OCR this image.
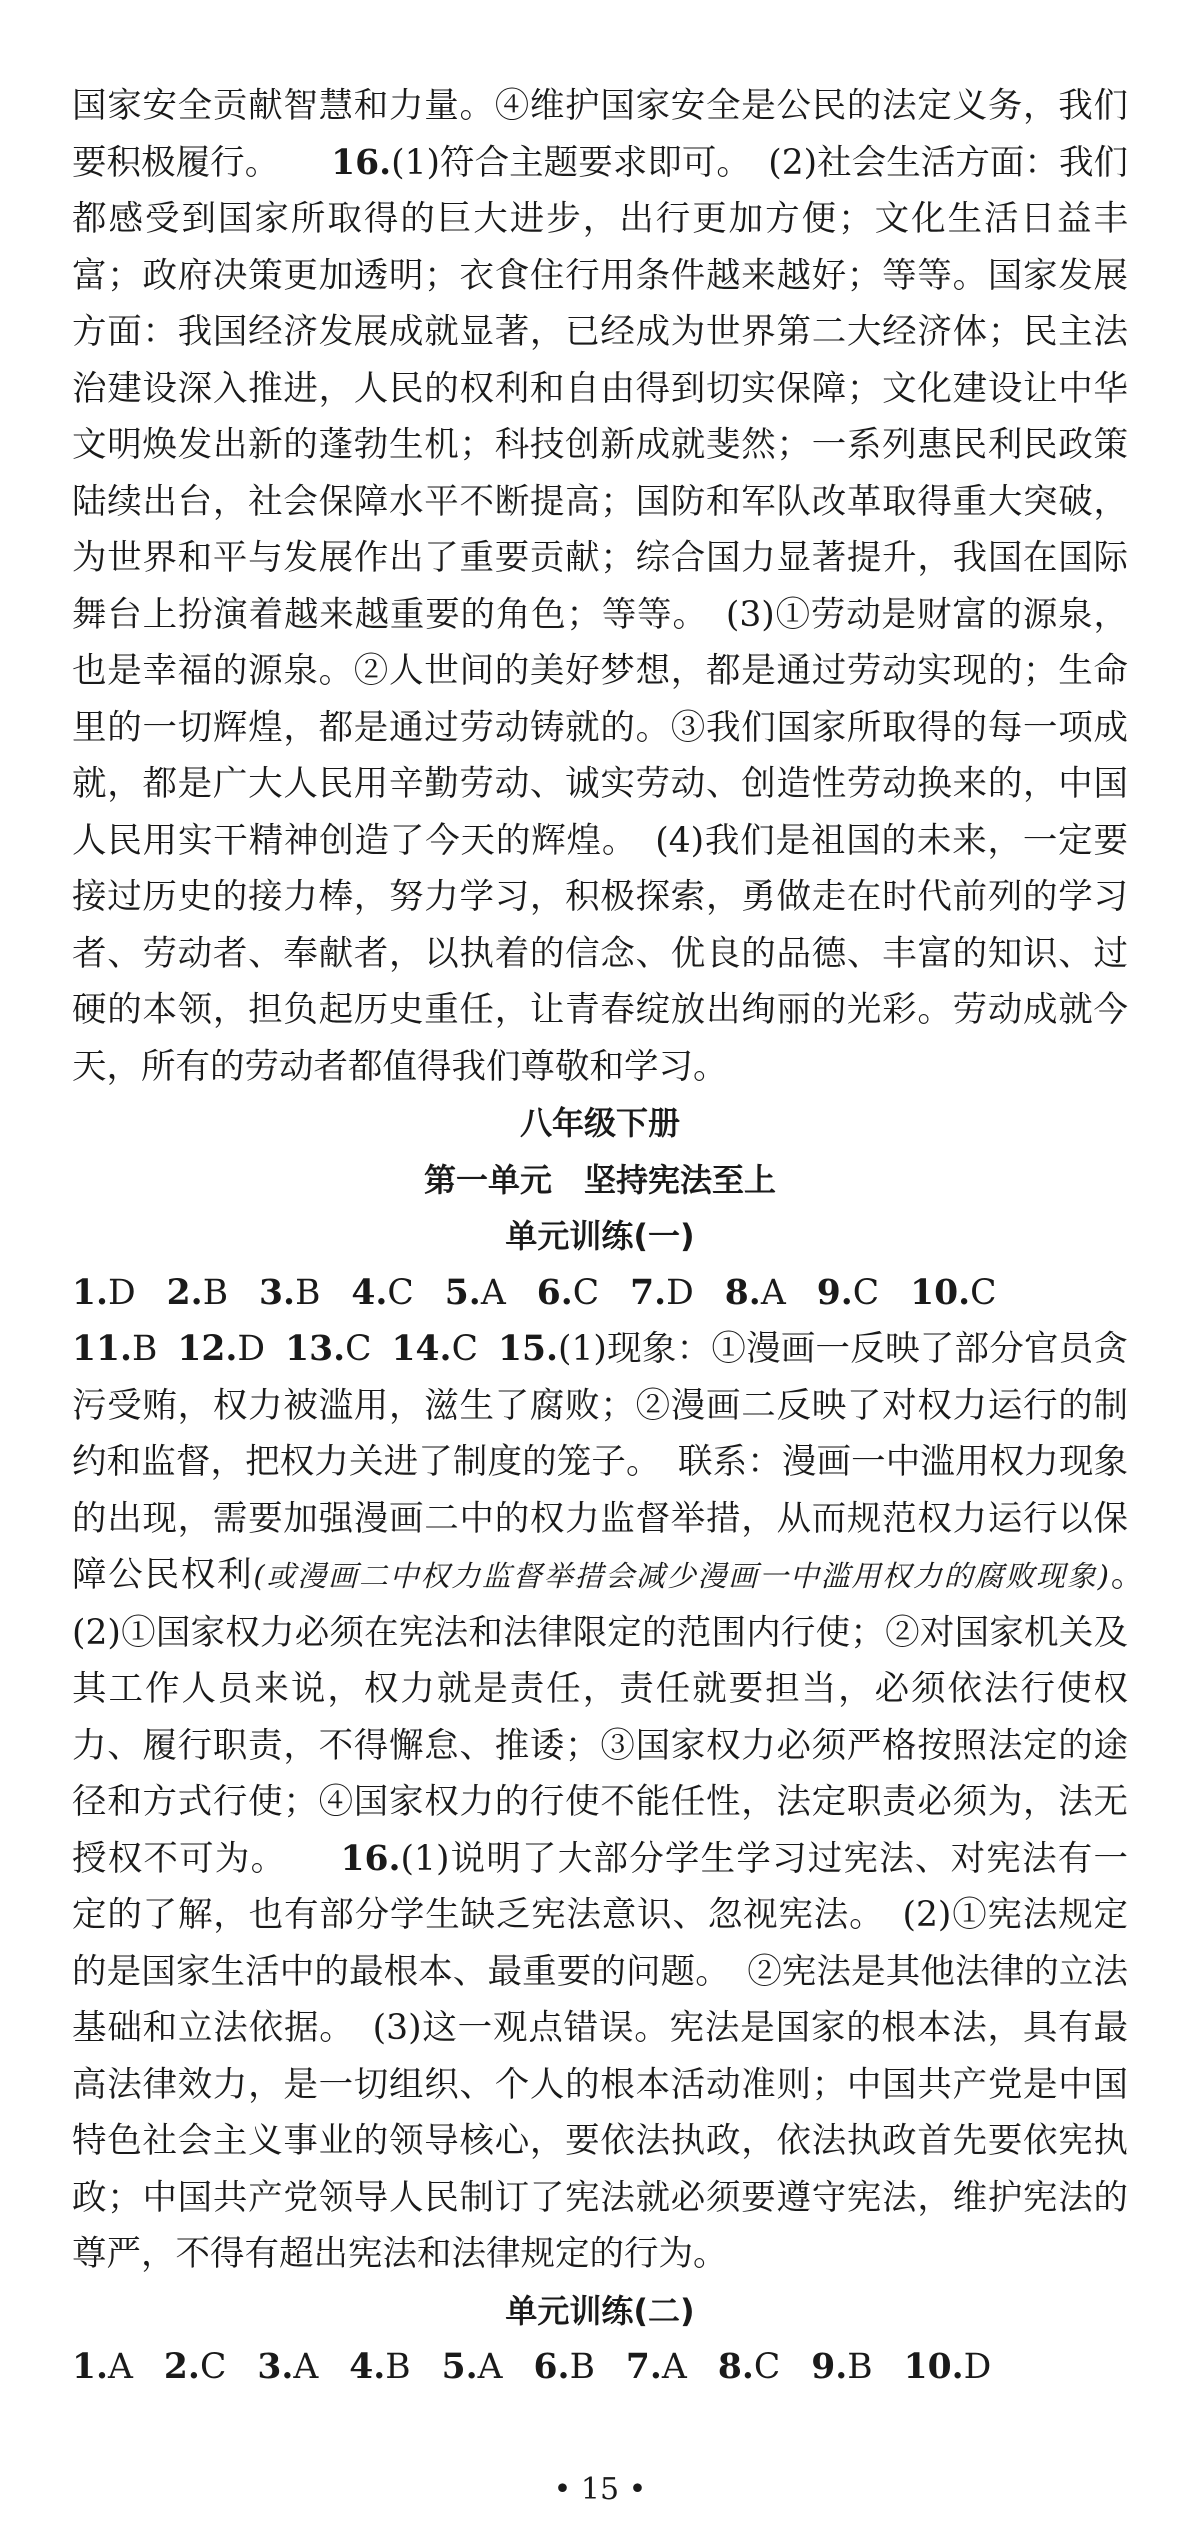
国家安全贡献智慧和力量。④维护国家安全是公民的法定义务，我们要积极履行。　　 16.(1)符合主题要求即可。　(2)社会生活方面：我们都感受到国家所取得的巨大进步，出行更加方便；文化生活日益丰富；政府决策更加透明；衣食住行用条件越来越好；等等。国家发展方面：我国经济发展成就显著，已经成为世界第二大经济体；民主法治建设深入推进，人民的权利和自由得到切实保障；文化建设让中华文明焕发出新的蓬勃生机；科技创新成就斐然；一系列惠民利民政策陆续出台，社会保障水平不断提高；国防和军队改革取得重大突破，为世界和平与发展作出了重要贡献；综合国力显著提升，我国在国际舞台上扮演着越来越重要的角色；等等。　(3)①劳动是财富的源泉，也是幸福的源泉。②人世间的美好梦想，都是通过劳动实现的；生命里的一切辉煌，都是通过劳动铸就的。③我们国家所取得的每一项成就，都是广大人民用辛勤劳动、诚实劳动、创造性劳动换来的，中国人民用实干精神创造了今天的辉煌。　(4)我们是祖国的未来，一定要接过历史的接力棒，努力学习，积极探索，勇做走在时代前列的学习者、劳动者、奉献者，以执着的信念、优良的品德、丰富的知识、过硬的本领，担负起历史重任，让青春绽放出绚丽的光彩。劳动成就今天，所有的劳动者都值得我们尊敬和学习。

八年级下册

第一单元　坚持宪法至上

单元训练(一)

1.D 2.B 3.B 4.C 5.A 6.C 7.D 8.A 9.C 10.C

11.B 12.D 13.C 14.C 15.(1)现象：①漫画一反映了部分官员贪污受贿，权力被滥用，滋生了腐败；②漫画二反映了对权力运行的制约和监督，把权力关进了制度的笼子。　联系：漫画一中滥用权力现象的出现，需要加强漫画二中的权力监督举措，从而规范权力运行以保障公民权利(或漫画二中权力监督举措会减少漫画一中滥用权力的腐败现象)。　(2)①国家权力必须在宪法和法律限定的范围内行使；②对国家机关及其工作人员来说，权力就是责任，责任就要担当，必须依法行使权力、履行职责，不得懈怠、推诿；③国家权力必须严格按照法定的途径和方式行使；④国家权力的行使不能任性，法定职责必须为，法无授权不可为。　　 16.(1)说明了大部分学生学习过宪法、对宪法有一定的了解，也有部分学生缺乏宪法意识、忽视宪法。　(2)①宪法规定的是国家生活中的最根本、最重要的问题。　②宪法是其他法律的立法基础和立法依据。　(3)这一观点错误。宪法是国家的根本法，具有最高法律效力，是一切组织、个人的根本活动准则；中国共产党是中国特色社会主义事业的领导核心，要依法执政，依法执政首先要依宪执政；中国共产党领导人民制订了宪法就必须要遵守宪法，维护宪法的尊严，不得有超出宪法和法律规定的行为。

单元训练(二)

1.A 2.C 3.A 4.B 5.A 6.B 7.A 8.C 9.B 10.D

• 15 •
